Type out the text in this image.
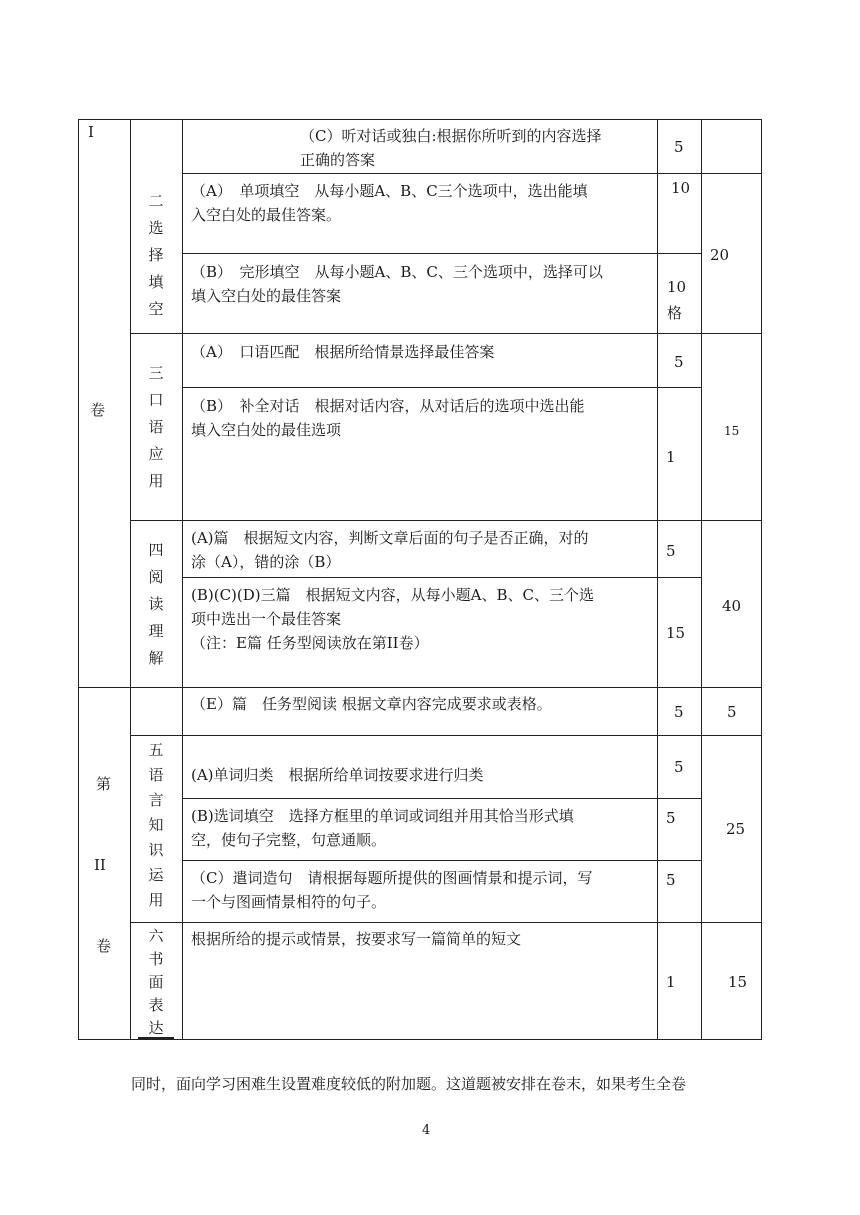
I
卷
第
II
卷
二
选
择
填
空
三
口
语
应
用
四
阅
读
理
解
五
语
言
知
识
运
用
六
书
面
表
达
（C）听对话或独白:根据你所听到的内容选择
正确的答案
（A）　单项填空　从每小题A、B、C三个选项中，选出能填
入空白处的最佳答案。
（B）　完形填空　从每小题A、B、C、三个选项中，选择可以
填入空白处的最佳答案
（A）　口语匹配　根据所给情景选择最佳答案
（B）　补全对话　根据对话内容，从对话后的选项中选出能
填入空白处的最佳选项
(A)篇　根据短文内容，判断文章后面的句子是否正确，对的
涂（A），错的涂（B）
(B)(C)(D)三篇　根据短文内容，从每小题A、B、C、三个选
项中选出一个最佳答案
（注：E篇 任务型阅读放在第II卷）
（E）篇　任务型阅读 根据文章内容完成要求或表格。
(A)单词归类　根据所给单词按要求进行归类
(B)选词填空　选择方框里的单词或词组并用其恰当形式填
空，使句子完整，句意通顺。
（C）遣词造句　请根据每题所提供的图画情景和提示词，写
一个与图画情景相符的句子。
根据所给的提示或情景，按要求写一篇简单的短文
5
10
10
格
5
1
5
15
5
5
5
5
1
20
15
40
5
25
15
同时，面向学习困难生设置难度较低的附加题。这道题被安排在卷末，如果考生全卷
4
